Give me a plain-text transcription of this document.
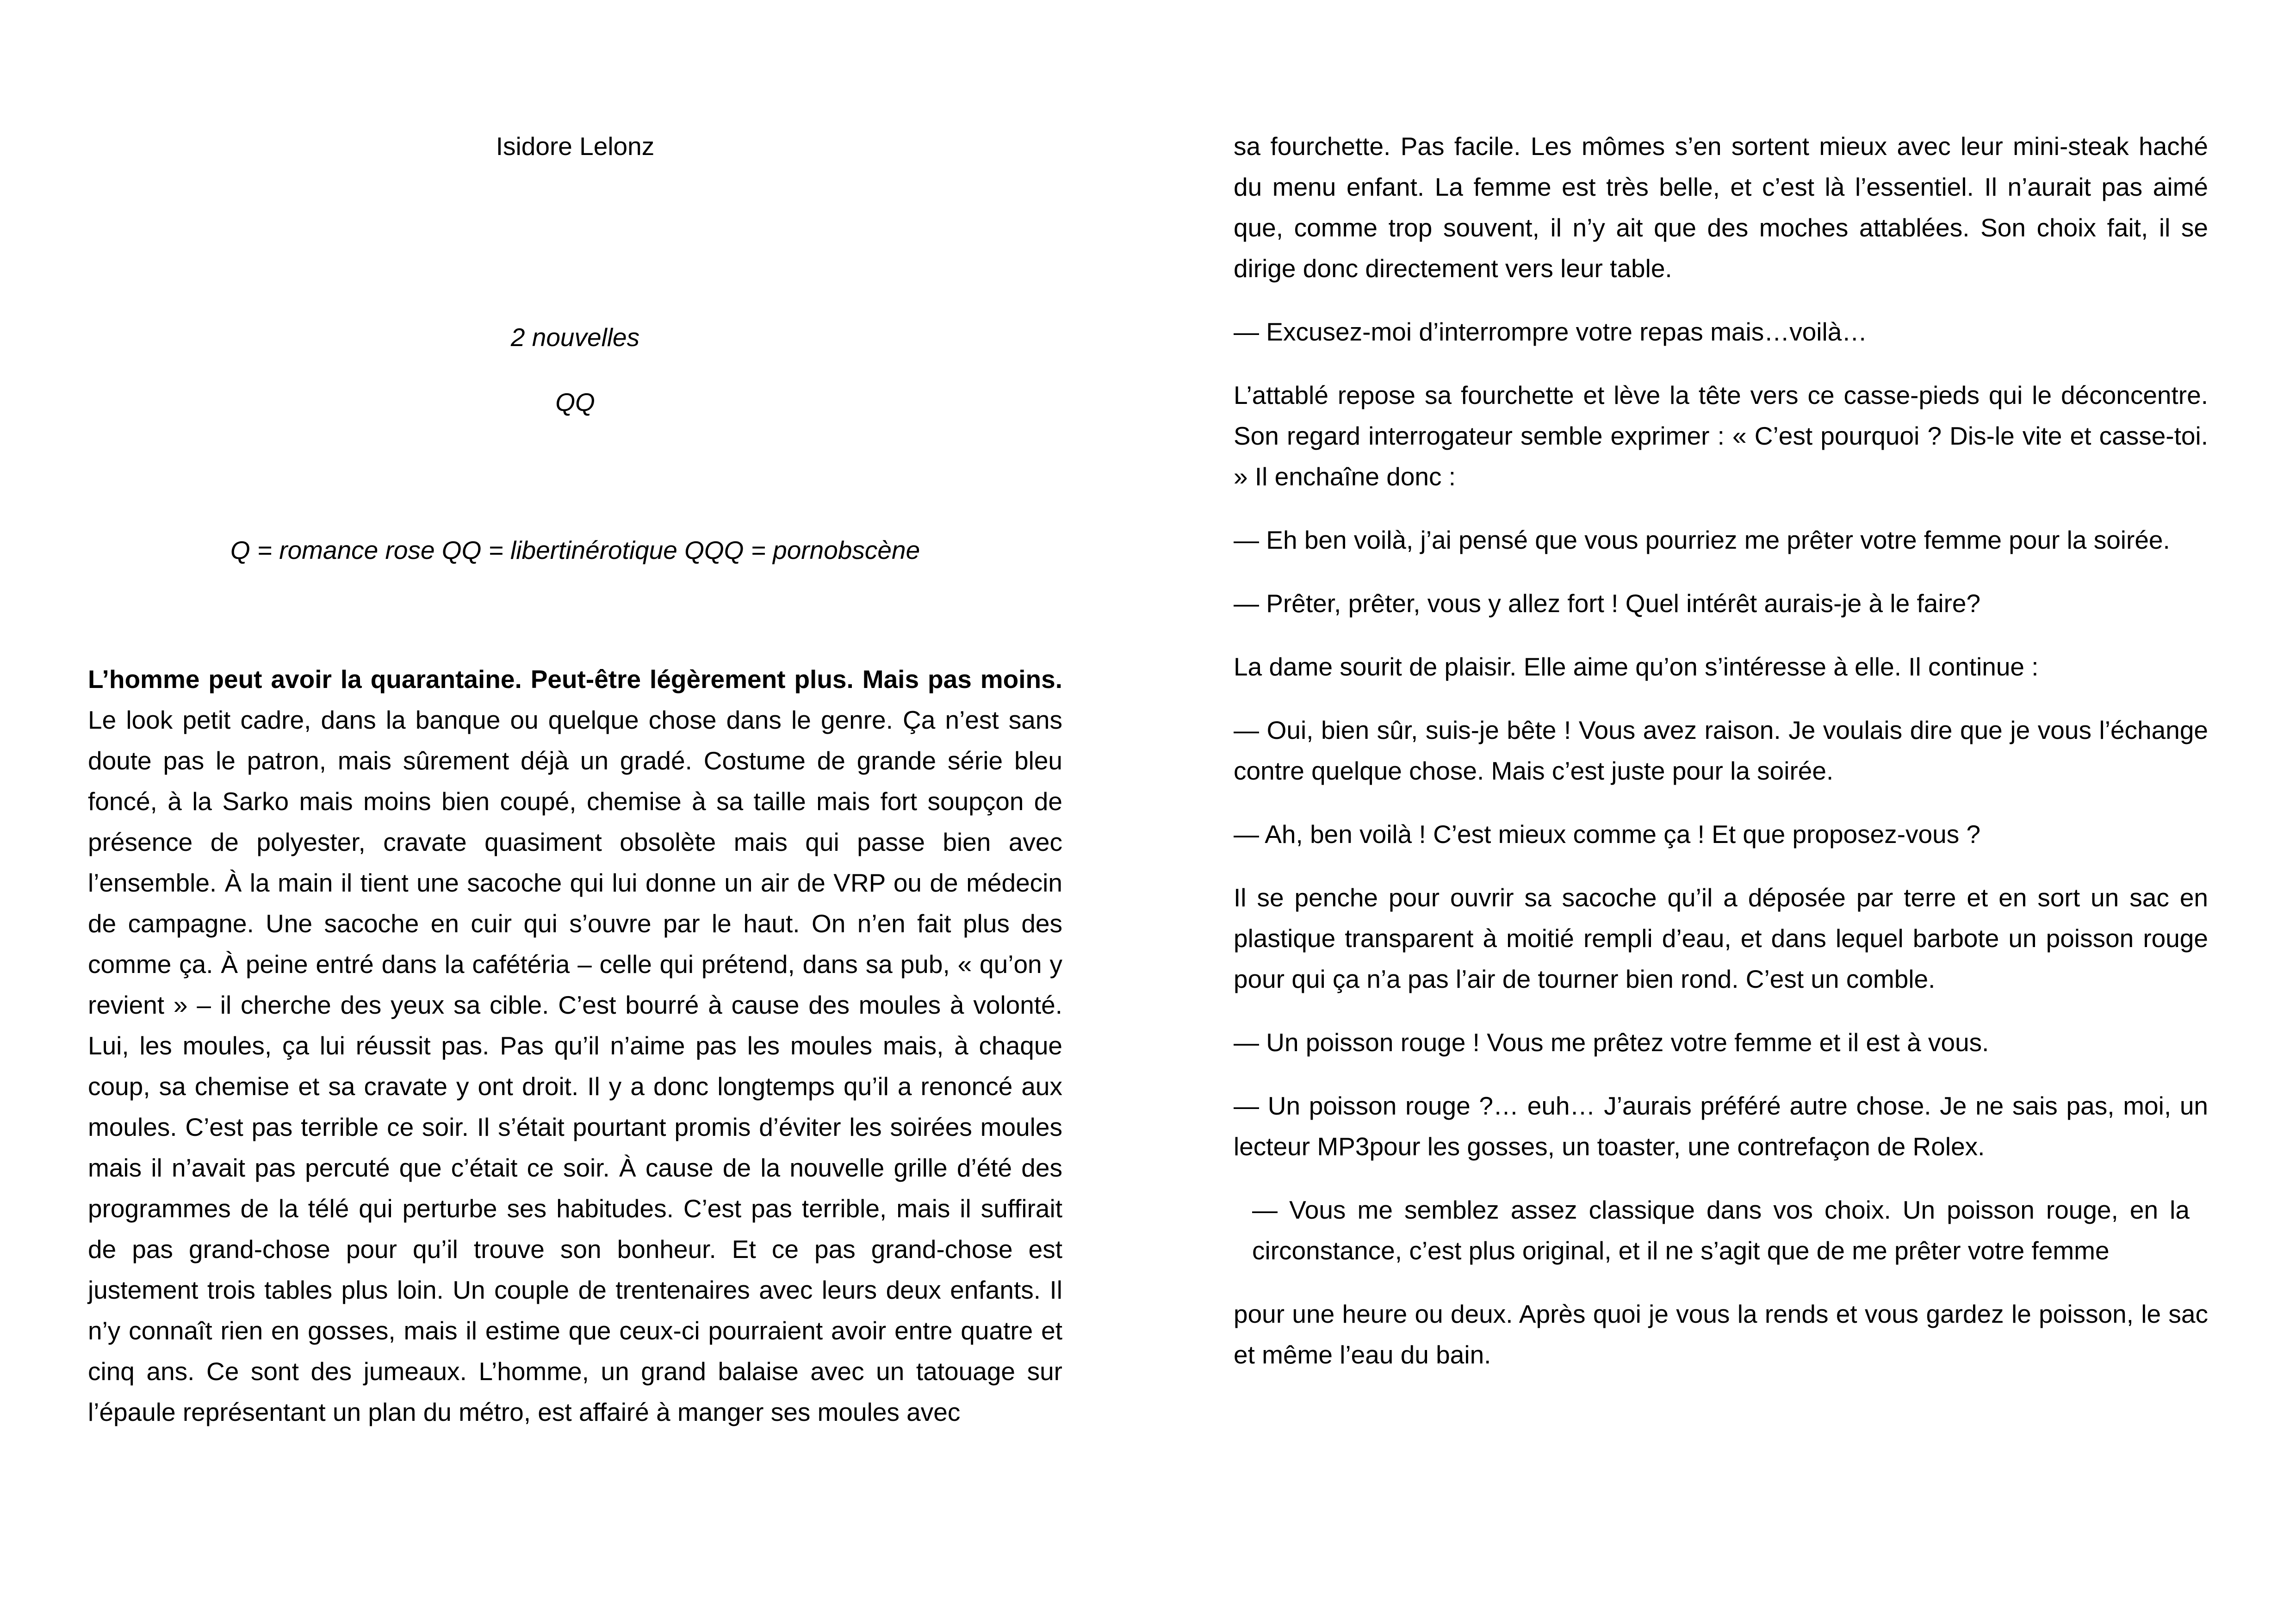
Isidore Lelonz
2 nouvelles
QQ
Q = romance rose QQ = libertinérotique QQQ = pornobscène

L’homme peut avoir la quarantaine. Peut-être légèrement plus. Mais pas moins. Le look petit cadre, dans la banque ou quelque chose dans le genre. Ça n’est sans doute pas le patron, mais sûrement déjà un gradé. Costume de grande série bleu foncé, à la Sarko mais moins bien coupé, chemise à sa taille mais fort soupçon de présence de polyester, cravate quasiment obsolète mais qui passe bien avec l’ensemble. À la main il tient une sacoche qui lui donne un air de VRP ou de médecin de campagne. Une sacoche en cuir qui s’ouvre par le haut. On n’en fait plus des comme ça. À peine entré dans la cafétéria – celle qui prétend, dans sa pub, « qu’on y revient » – il cherche des yeux sa cible. C’est bourré à cause des moules à volonté. Lui, les moules, ça lui réussit pas. Pas qu’il n’aime pas les moules mais, à chaque coup, sa chemise et sa cravate y ont droit. Il y a donc longtemps qu’il a renoncé aux moules. C’est pas terrible ce soir. Il s’était pourtant promis d’éviter les soirées moules mais il n’avait pas percuté que c’était ce soir. À cause de la nouvelle grille d’été des programmes de la télé qui perturbe ses habitudes. C’est pas terrible, mais il suffirait de pas grand-chose pour qu’il trouve son bonheur. Et ce pas grand-chose est justement trois tables plus loin. Un couple de trentenaires avec leurs deux enfants. Il n’y connaît rien en gosses, mais il estime que ceux-ci pourraient avoir entre quatre et cinq ans. Ce sont des jumeaux. L’homme, un grand balaise avec un tatouage sur l’épaule représentant un plan du métro, est affairé à manger ses moules avec

sa fourchette. Pas facile. Les mômes s’en sortent mieux avec leur mini-steak haché du menu enfant. La femme est très belle, et c’est là l’essentiel. Il n’aurait pas aimé que, comme trop souvent, il n’y ait que des moches attablées. Son choix fait, il se dirige donc directement vers leur table.

— Excusez-moi d’interrompre votre repas mais…voilà…

L’attablé repose sa fourchette et lève la tête vers ce casse-pieds qui le déconcentre. Son regard interrogateur semble exprimer : « C’est pourquoi ? Dis-le vite et casse-toi. » Il enchaîne donc :

— Eh ben voilà, j’ai pensé que vous pourriez me prêter votre femme pour la soirée.

— Prêter, prêter, vous y allez fort ! Quel intérêt aurais-je à le faire?

La dame sourit de plaisir. Elle aime qu’on s’intéresse à elle. Il continue :

— Oui, bien sûr, suis-je bête ! Vous avez raison. Je voulais dire que je vous l’échange contre quelque chose. Mais c’est juste pour la soirée.

— Ah, ben voilà ! C’est mieux comme ça ! Et que proposez-vous ?

Il se penche pour ouvrir sa sacoche qu’il a déposée par terre et en sort un sac en plastique transparent à moitié rempli d’eau, et dans lequel barbote un poisson rouge pour qui ça n’a pas l’air de tourner bien rond. C’est un comble.

— Un poisson rouge ! Vous me prêtez votre femme et il est à vous.

— Un poisson rouge ?… euh… J’aurais préféré autre chose. Je ne sais pas, moi, un lecteur MP3pour les gosses, un toaster, une contrefaçon de Rolex.

— Vous me semblez assez classique dans vos choix. Un poisson rouge, en la circonstance, c’est plus original, et il ne s’agit que de me prêter votre femme

pour une heure ou deux. Après quoi je vous la rends et vous gardez le poisson, le sac et même l’eau du bain.
